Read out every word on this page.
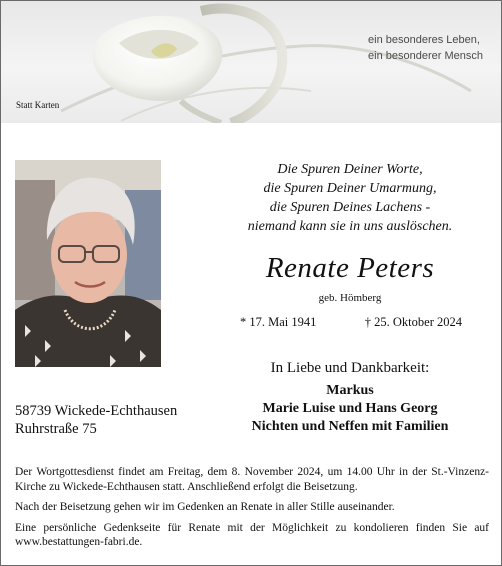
ein besonderes Leben,
ein besonderer Mensch
Statt Karten
Die Spuren Deiner Worte,
die Spuren Deiner Umarmung,
die Spuren Deines Lachens -
niemand kann sie in uns auslöschen.
Renate Peters
geb. Hömberg
* 17. Mai 1941	† 25. Oktober 2024
In Liebe und Dankbarkeit:
Markus
Marie Luise und Hans Georg
Nichten und Neffen mit Familien
58739 Wickede-Echthausen
Ruhrstraße 75

Der Wortgottesdienst findet am Freitag, dem 8. November 2024, um 14.00 Uhr in der St.-Vinzenz-Kirche zu Wickede-Echthausen statt. Anschließend erfolgt die Beisetzung.

Nach der Beisetzung gehen wir im Gedenken an Renate in aller Stille auseinander.

Eine persönliche Gedenkseite für Renate mit der Möglichkeit zu kondolieren finden Sie auf www.bestattungen-fabri.de.
